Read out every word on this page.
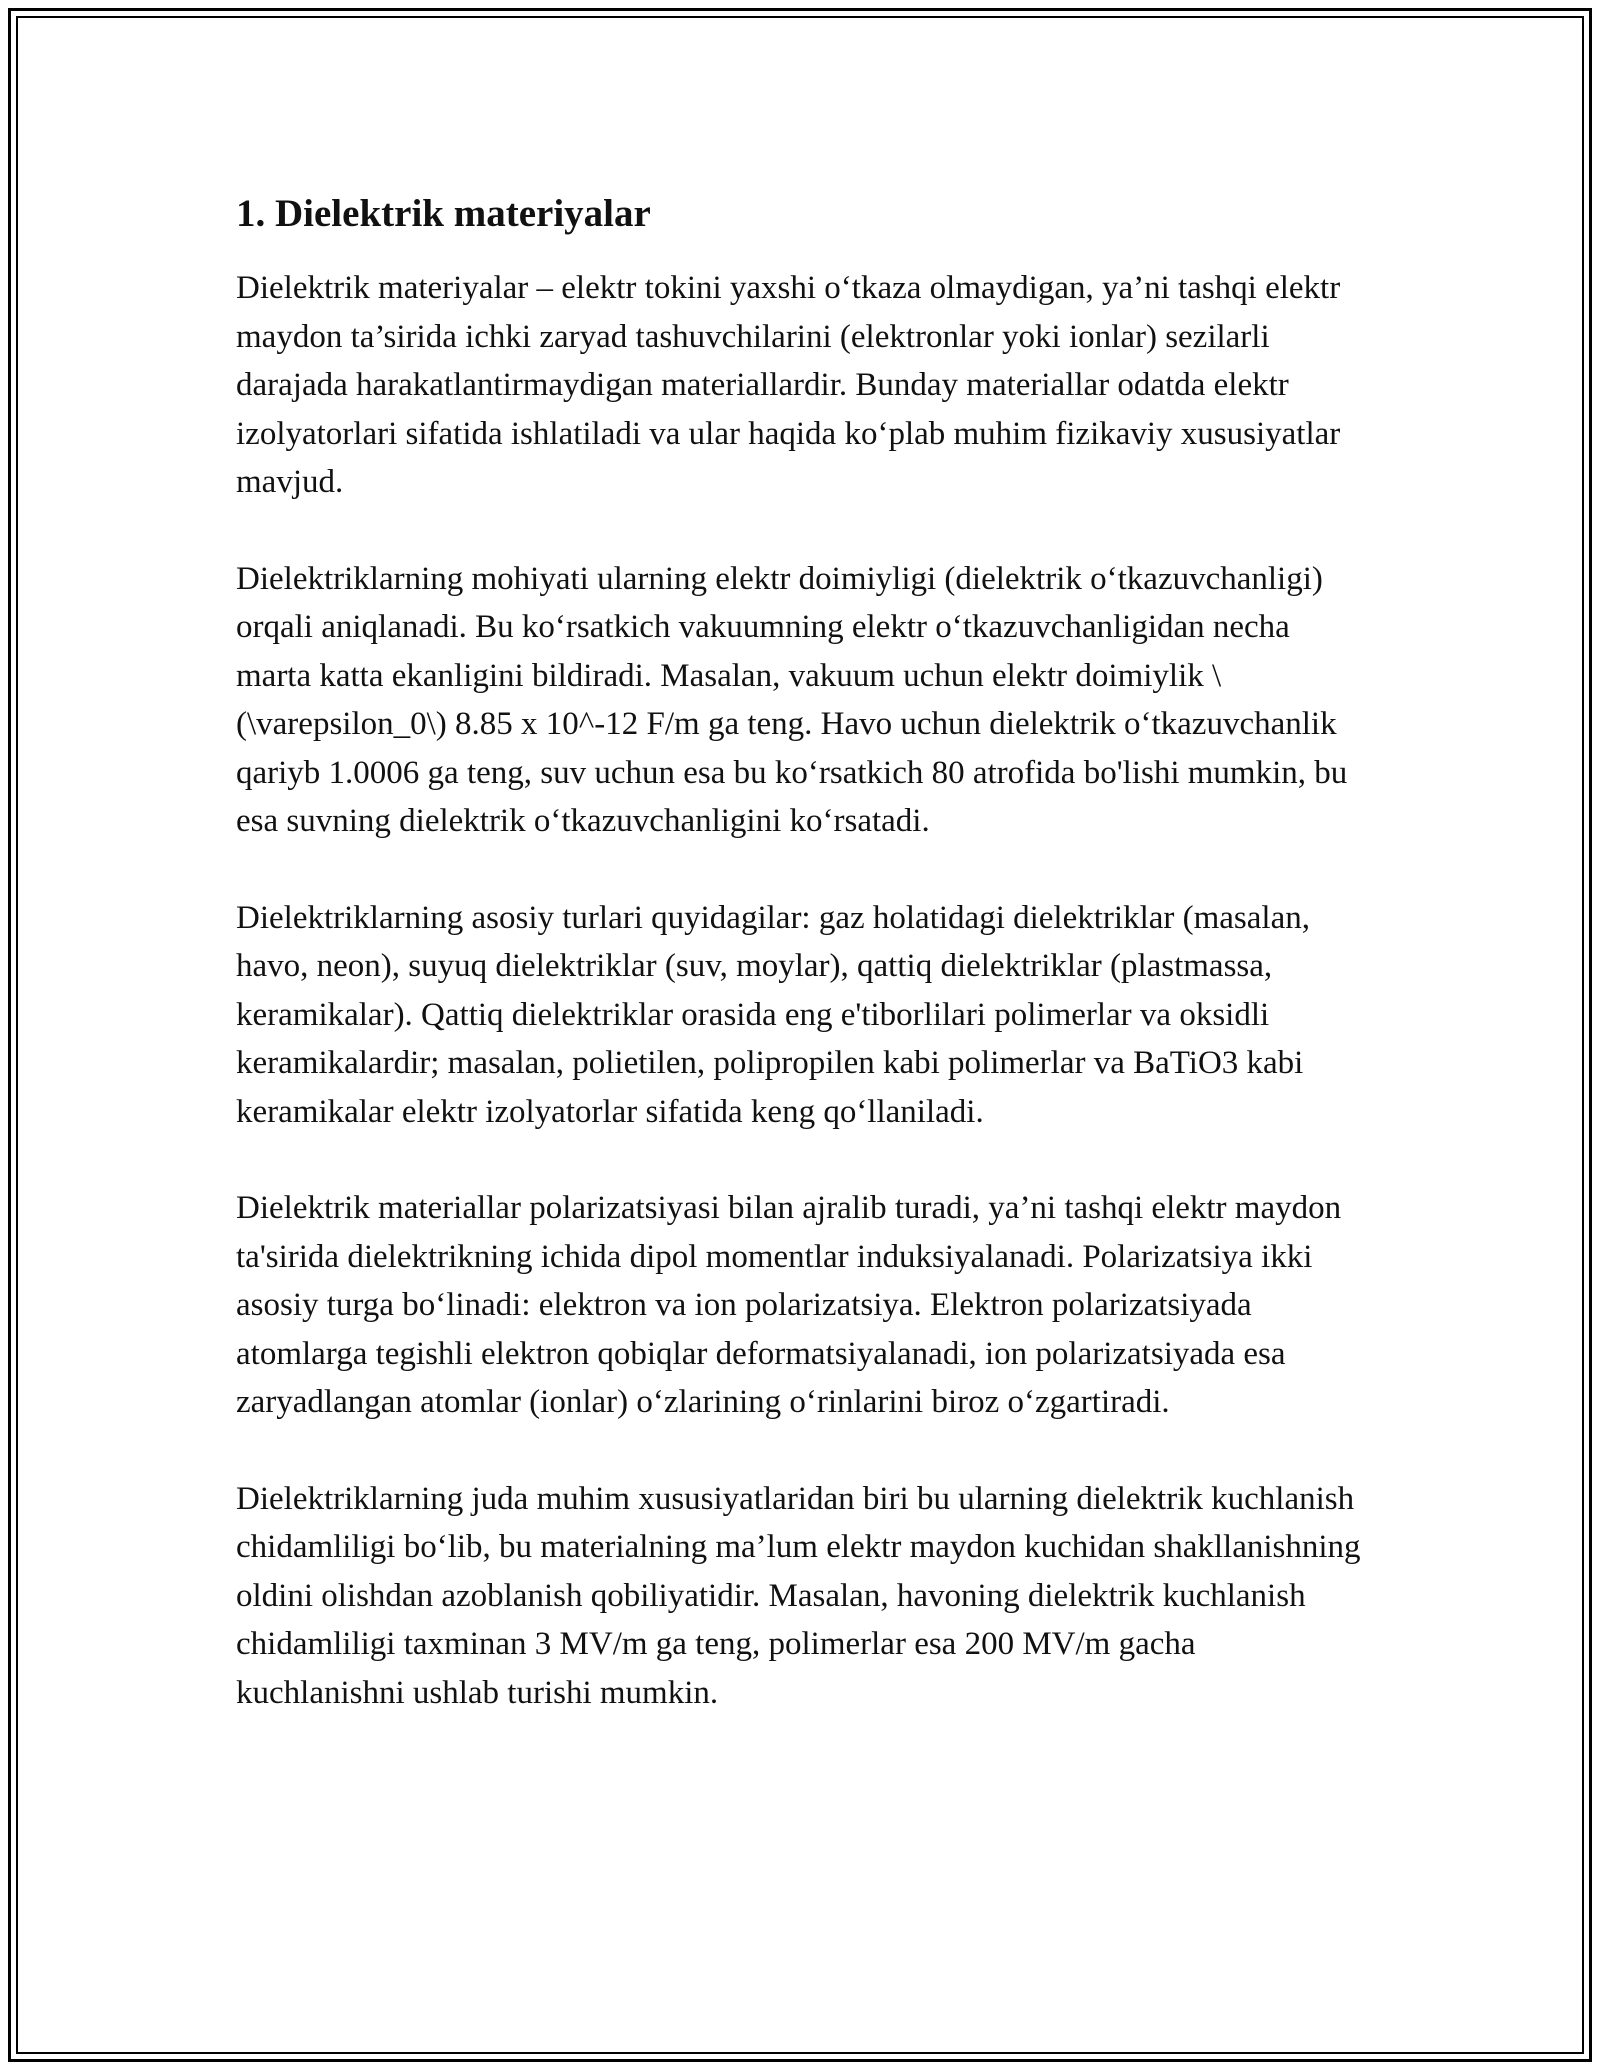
1. Dielektrik materiyalar

Dielektrik materiyalar – elektr tokini yaxshi o‘tkaza olmaydigan, ya’ni tashqi elektr maydon ta’sirida ichki zaryad tashuvchilarini (elektronlar yoki ionlar) sezilarli darajada harakatlantirmaydigan materiallardir. Bunday materiallar odatda elektr izolyatorlari sifatida ishlatiladi va ular haqida ko‘plab muhim fizikaviy xususiyatlar mavjud.

Dielektriklarning mohiyati ularning elektr doimiyligi (dielektrik o‘tkazuvchanligi) orqali aniqlanadi. Bu ko‘rsatkich vakuumning elektr o‘tkazuvchanligidan necha marta katta ekanligini bildiradi. Masalan, vakuum uchun elektr doimiylik \(\varepsilon_0\) 8.85 x 10^-12 F/m ga teng. Havo uchun dielektrik o‘tkazuvchanlik qariyb 1.0006 ga teng, suv uchun esa bu ko‘rsatkich 80 atrofida bo'lishi mumkin, bu esa suvning dielektrik o‘tkazuvchanligini ko‘rsatadi.

Dielektriklarning asosiy turlari quyidagilar: gaz holatidagi dielektriklar (masalan, havo, neon), suyuq dielektriklar (suv, moylar), qattiq dielektriklar (plastmassa, keramikalar). Qattiq dielektriklar orasida eng e'tiborlilari polimerlar va oksidli keramikalardir; masalan, polietilen, polipropilen kabi polimerlar va BaTiO3 kabi keramikalar elektr izolyatorlar sifatida keng qo‘llaniladi.

Dielektrik materiallar polarizatsiyasi bilan ajralib turadi, ya’ni tashqi elektr maydon ta'sirida dielektrikning ichida dipol momentlar induksiyalanadi. Polarizatsiya ikki asosiy turga bo‘linadi: elektron va ion polarizatsiya. Elektron polarizatsiyada atomlarga tegishli elektron qobiqlar deformatsiyalanadi, ion polarizatsiyada esa zaryadlangan atomlar (ionlar) o‘zlarining o‘rinlarini biroz o‘zgartiradi.

Dielektriklarning juda muhim xususiyatlaridan biri bu ularning dielektrik kuchlanish chidamliligi bo‘lib, bu materialning ma’lum elektr maydon kuchidan shakllanishning oldini olishdan azoblanish qobiliyatidir. Masalan, havoning dielektrik kuchlanish chidamliligi taxminan 3 MV/m ga teng, polimerlar esa 200 MV/m gacha kuchlanishni ushlab turishi mumkin.
